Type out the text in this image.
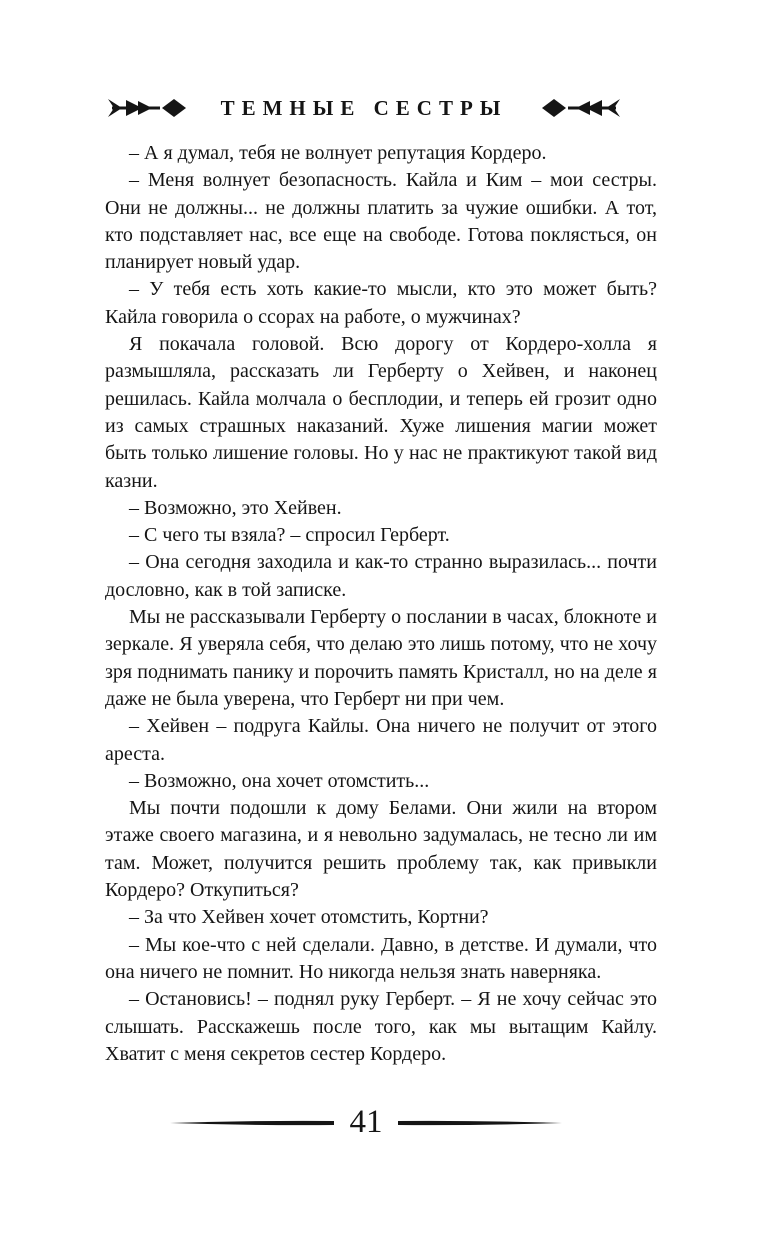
ТЕМНЫЕ СЕСТРЫ

– А я думал, тебя не волнует репутация Кордеро.

– Меня волнует безопасность. Кайла и Ким – мои сестры. Они не должны... не должны платить за чужие ошибки. А тот, кто подставляет нас, все еще на свободе. Готова поклясться, он планирует новый удар.

– У тебя есть хоть какие-то мысли, кто это может быть? Кайла говорила о ссорах на работе, о мужчинах?

Я покачала головой. Всю дорогу от Кордеро-холла я размышляла, рассказать ли Герберту о Хейвен, и наконец решилась. Кайла молчала о бесплодии, и теперь ей грозит одно из самых страшных наказаний. Хуже лишения магии может быть только лишение головы. Но у нас не практикуют такой вид казни.

– Возможно, это Хейвен.

– С чего ты взяла? – спросил Герберт.

– Она сегодня заходила и как-то странно выразилась... почти дословно, как в той записке.

Мы не рассказывали Герберту о послании в часах, блокноте и зеркале. Я уверяла себя, что делаю это лишь потому, что не хочу зря поднимать панику и порочить память Кристалл, но на деле я даже не была уверена, что Герберт ни при чем.

– Хейвен – подруга Кайлы. Она ничего не получит от этого ареста.

– Возможно, она хочет отомстить...

Мы почти подошли к дому Белами. Они жили на втором этаже своего магазина, и я невольно задумалась, не тесно ли им там. Может, получится решить проблему так, как привыкли Кордеро? Откупиться?

– За что Хейвен хочет отомстить, Кортни?

– Мы кое-что с ней сделали. Давно, в детстве. И думали, что она ничего не помнит. Но никогда нельзя знать наверняка.

– Остановись! – поднял руку Герберт. – Я не хочу сейчас это слышать. Расскажешь после того, как мы вытащим Кайлу. Хватит с меня секретов сестер Кордеро.

41
